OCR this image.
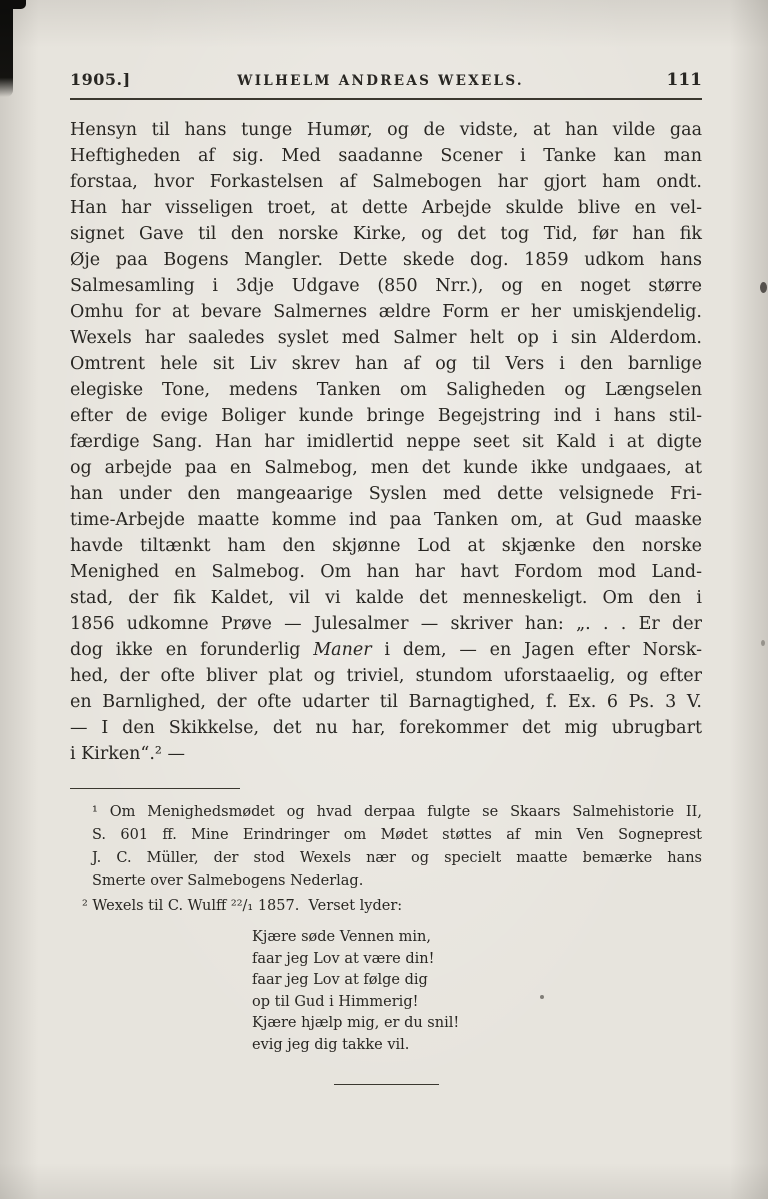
1905.]	WILHELM ANDREAS WEXELS.	111
Hensyn til hans tunge Humør, og de vidste, at han vilde gaa
Heftigheden af sig. Med saadanne Scener i Tanke kan man
forstaa, hvor Forkastelsen af Salmebogen har gjort ham ondt.
Han har visseligen troet, at dette Arbejde skulde blive en vel-
signet Gave til den norske Kirke, og det tog Tid, før han fik
Øje paa Bogens Mangler. Dette skede dog. 1859 udkom hans
Salmesamling i 3dje Udgave (850 Nrr.), og en noget større
Omhu for at bevare Salmernes ældre Form er her umiskjendelig.
Wexels har saaledes syslet med Salmer helt op i sin Alderdom.
Omtrent hele sit Liv skrev han af og til Vers i den barnlige
elegiske Tone, medens Tanken om Saligheden og Længselen
efter de evige Boliger kunde bringe Begejstring ind i hans stil-
færdige Sang. Han har imidlertid neppe seet sit Kald i at digte
og arbejde paa en Salmebog, men det kunde ikke undgaaes, at
han under den mangeaarige Syslen med dette velsignede Fri-
time-Arbejde maatte komme ind paa Tanken om, at Gud maaske
havde tiltænkt ham den skjønne Lod at skjænke den norske
Menighed en Salmebog. Om han har havt Fordom mod Land-
stad, der fik Kaldet, vil vi kalde det menneskeligt. Om den i
1856 udkomne Prøve — Julesalmer — skriver han: „. . . Er der
dog ikke en forunderlig Maner i dem, — en Jagen efter Norsk-
hed, der ofte bliver plat og triviel, stundom uforstaaelig, og efter
en Barnlighed, der ofte udarter til Barnagtighed, f. Ex. 6 Ps. 3 V.
— I den Skikkelse, det nu har, forekommer det mig ubrugbart
i Kirken“.² —
¹ Om Menighedsmødet og hvad derpaa fulgte se Skaars Salmehistorie II,
S. 601 ff. Mine Erindringer om Mødet støttes af min Ven Sogneprest
J. C. Müller, der stod Wexels nær og specielt maatte bemærke hans
Smerte over Salmebogens Nederlag.
² Wexels til C. Wulff ²²/₁ 1857.  Verset lyder:
Kjære søde Vennen min,
faar jeg Lov at være din!
faar jeg Lov at følge dig
op til Gud i Himmerig!
Kjære hjælp mig, er du snil!
evig jeg dig takke vil.
